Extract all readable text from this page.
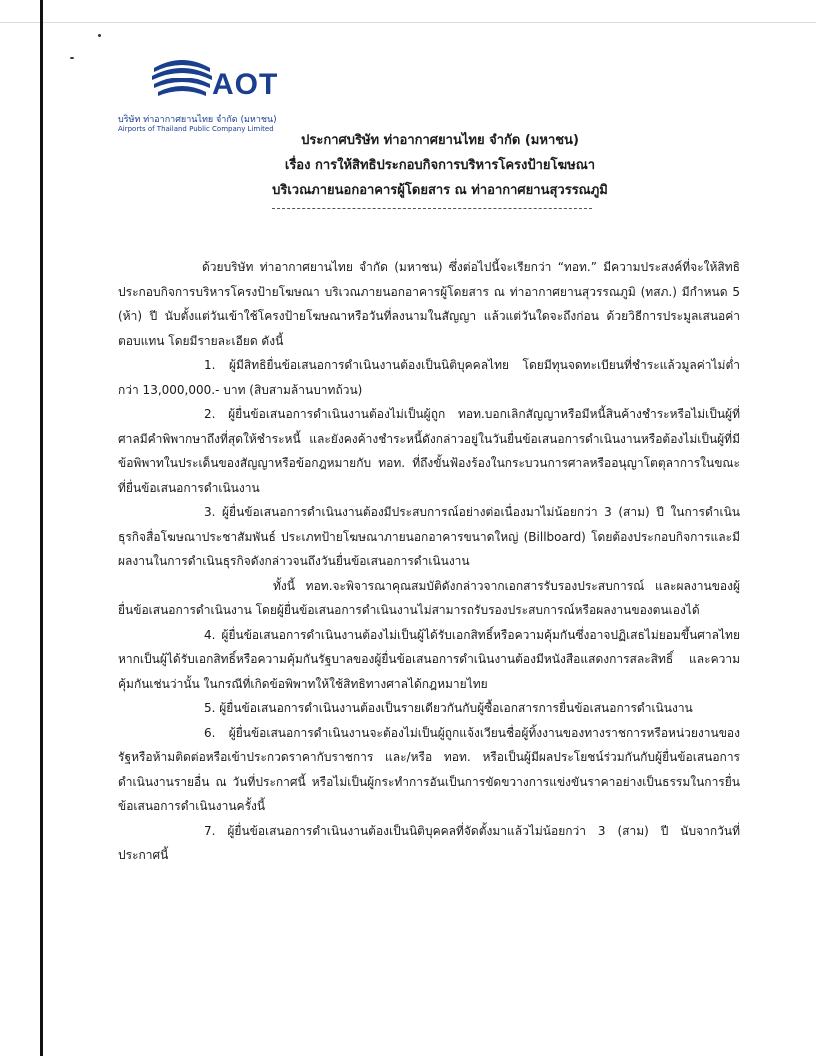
AOT
บริษัท ท่าอากาศยานไทย จำกัด (มหาชน)
Airports of Thailand Public Company Limited
ประกาศบริษัท ท่าอากาศยานไทย จำกัด (มหาชน)
เรื่อง การให้สิทธิประกอบกิจการบริหารโครงป้ายโฆษณา
บริเวณภายนอกอาคารผู้โดยสาร ณ ท่าอากาศยานสุวรรณภูมิ

ด้วยบริษัท ท่าอากาศยานไทย จำกัด (มหาชน) ซึ่งต่อไปนี้จะเรียกว่า “ทอท.” มีความประสงค์ที่จะให้สิทธิประกอบกิจการบริหารโครงป้ายโฆษณา บริเวณภายนอกอาคารผู้โดยสาร ณ ท่าอากาศยานสุวรรณภูมิ (ทสภ.) มีกำหนด 5 (ห้า) ปี นับตั้งแต่วันเข้าใช้โครงป้ายโฆษณาหรือวันที่ลงนามในสัญญา แล้วแต่วันใดจะถึงก่อน ด้วยวิธีการประมูลเสนอค่าตอบแทน โดยมีรายละเอียด ดังนี้

1. ผู้มีสิทธิยื่นข้อเสนอการดำเนินงานต้องเป็นนิติบุคคลไทย โดยมีทุนจดทะเบียนที่ชำระแล้วมูลค่าไม่ต่ำกว่า 13,000,000.- บาท (สิบสามล้านบาทถ้วน)

2. ผู้ยื่นข้อเสนอการดำเนินงานต้องไม่เป็นผู้ถูก ทอท.บอกเลิกสัญญาหรือมีหนี้สินค้างชำระหรือไม่เป็นผู้ที่ศาลมีคำพิพากษาถึงที่สุดให้ชำระหนี้ และยังคงค้างชำระหนี้ดังกล่าวอยู่ในวันยื่นข้อเสนอการดำเนินงานหรือต้องไม่เป็นผู้ที่มีข้อพิพาทในประเด็นของสัญญาหรือข้อกฎหมายกับ ทอท. ที่ถึงขั้นฟ้องร้องในกระบวนการศาลหรืออนุญาโตตุลาการในขณะที่ยื่นข้อเสนอการดำเนินงาน

3. ผู้ยื่นข้อเสนอการดำเนินงานต้องมีประสบการณ์อย่างต่อเนื่องมาไม่น้อยกว่า 3 (สาม) ปี ในการดำเนินธุรกิจสื่อโฆษณาประชาสัมพันธ์ ประเภทป้ายโฆษณาภายนอกอาคารขนาดใหญ่ (Billboard) โดยต้องประกอบกิจการและมีผลงานในการดำเนินธุรกิจดังกล่าวจนถึงวันยื่นข้อเสนอการดำเนินงาน

ทั้งนี้ ทอท.จะพิจารณาคุณสมบัติดังกล่าวจากเอกสารรับรองประสบการณ์ และผลงานของผู้ยื่นข้อเสนอการดำเนินงาน โดยผู้ยื่นข้อเสนอการดำเนินงานไม่สามารถรับรองประสบการณ์หรือผลงานของตนเองได้

4. ผู้ยื่นข้อเสนอการดำเนินงานต้องไม่เป็นผู้ได้รับเอกสิทธิ์หรือความคุ้มกันซึ่งอาจปฏิเสธไม่ยอมขึ้นศาลไทย หากเป็นผู้ได้รับเอกสิทธิ์หรือความคุ้มกันรัฐบาลของผู้ยื่นข้อเสนอการดำเนินงานต้องมีหนังสือแสดงการสละสิทธิ์ และความคุ้มกันเช่นว่านั้น ในกรณีที่เกิดข้อพิพาทให้ใช้สิทธิทางศาลได้กฎหมายไทย

5. ผู้ยื่นข้อเสนอการดำเนินงานต้องเป็นรายเดียวกันกับผู้ซื้อเอกสารการยื่นข้อเสนอการดำเนินงาน

6. ผู้ยื่นข้อเสนอการดำเนินงานจะต้องไม่เป็นผู้ถูกแจ้งเวียนชื่อผู้ทิ้งงานของทางราชการหรือหน่วยงานของรัฐหรือห้ามติดต่อหรือเข้าประกวดราคากับราชการ และ/หรือ ทอท. หรือเป็นผู้มีผลประโยชน์ร่วมกันกับผู้ยื่นข้อเสนอการดำเนินงานรายอื่น ณ วันที่ประกาศนี้ หรือไม่เป็นผู้กระทำการอันเป็นการขัดขวางการแข่งขันราคาอย่างเป็นธรรมในการยื่นข้อเสนอการดำเนินงานครั้งนี้

7. ผู้ยื่นข้อเสนอการดำเนินงานต้องเป็นนิติบุคคลที่จัดตั้งมาแล้วไม่น้อยกว่า 3 (สาม) ปี นับจากวันที่ประกาศนี้
